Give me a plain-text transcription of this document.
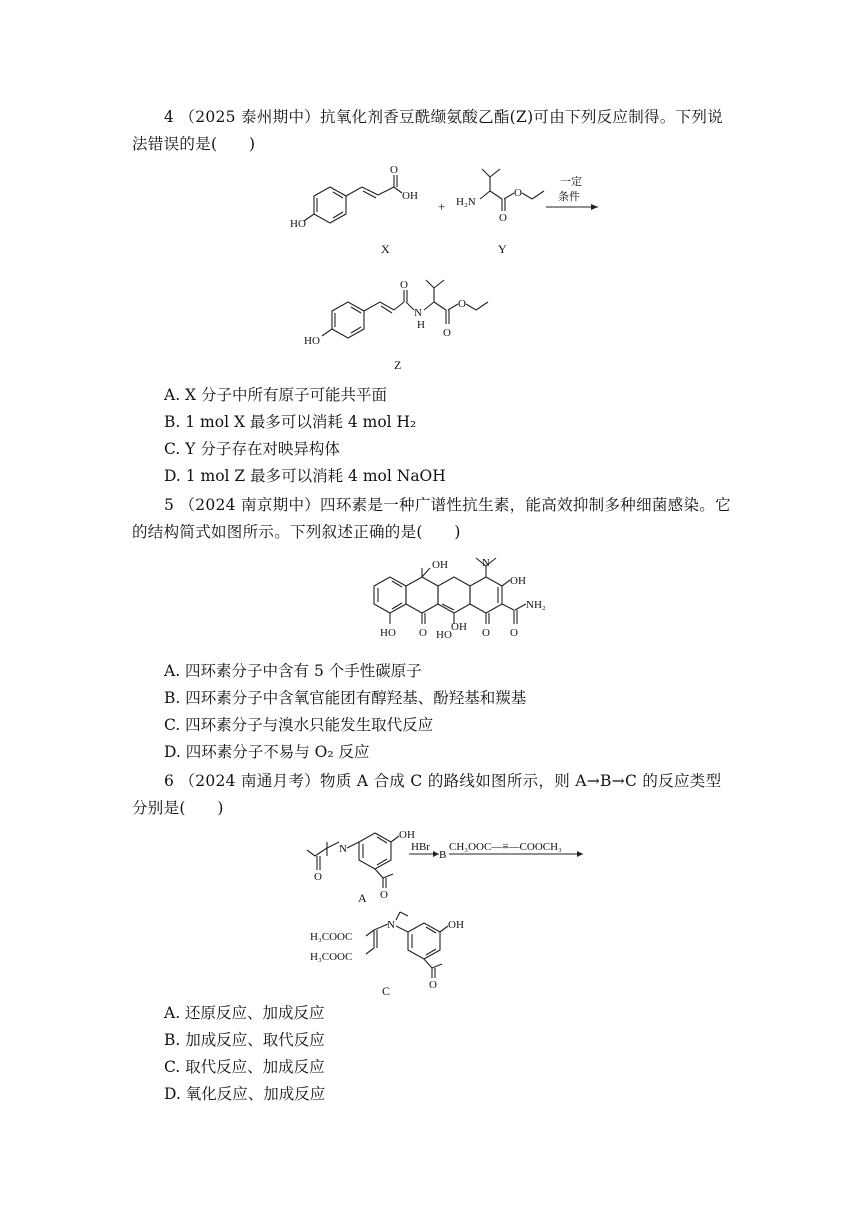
4 （2025 泰州期中）抗氧化剂香豆酰缬氨酸乙酯(Z)可由下列反应制得。下列说法错误的是(　　)

HO
O
OH
+ H₂N
O
O
一定
条件
X	Y
HO
O
N
H
O
O
Z

A. X 分子中所有原子可能共平面

B. 1 mol X 最多可以消耗 4 mol H₂

C. Y 分子存在对映异构体

D. 1 mol Z 最多可以消耗 4 mol NaOH

5 （2024 南京期中）四环素是一种广谱性抗生素，能高效抑制多种细菌感染。它的结构简式如图所示。下列叙述正确的是(　　)

OH	N
OH
NH₂
O
HO O HO
OH O

A. 四环素分子中含有 5 个手性碳原子

B. 四环素分子中含氧官能团有醇羟基、酚羟基和羰基

C. 四环素分子与溴水只能发生取代反应

D. 四环素分子不易与 O₂ 反应

6 （2024 南通月考）物质 A 合成 C 的路线如图所示，则 A→B→C 的反应类型分别是(　　)

N
OH
O
O
HBr
B
CH₃OOC—≡—COOCH₃
A
H₃COOC
H₃COOC
N	OH
O
C

A. 还原反应、加成反应

B. 加成反应、取代反应

C. 取代反应、加成反应

D. 氧化反应、加成反应
